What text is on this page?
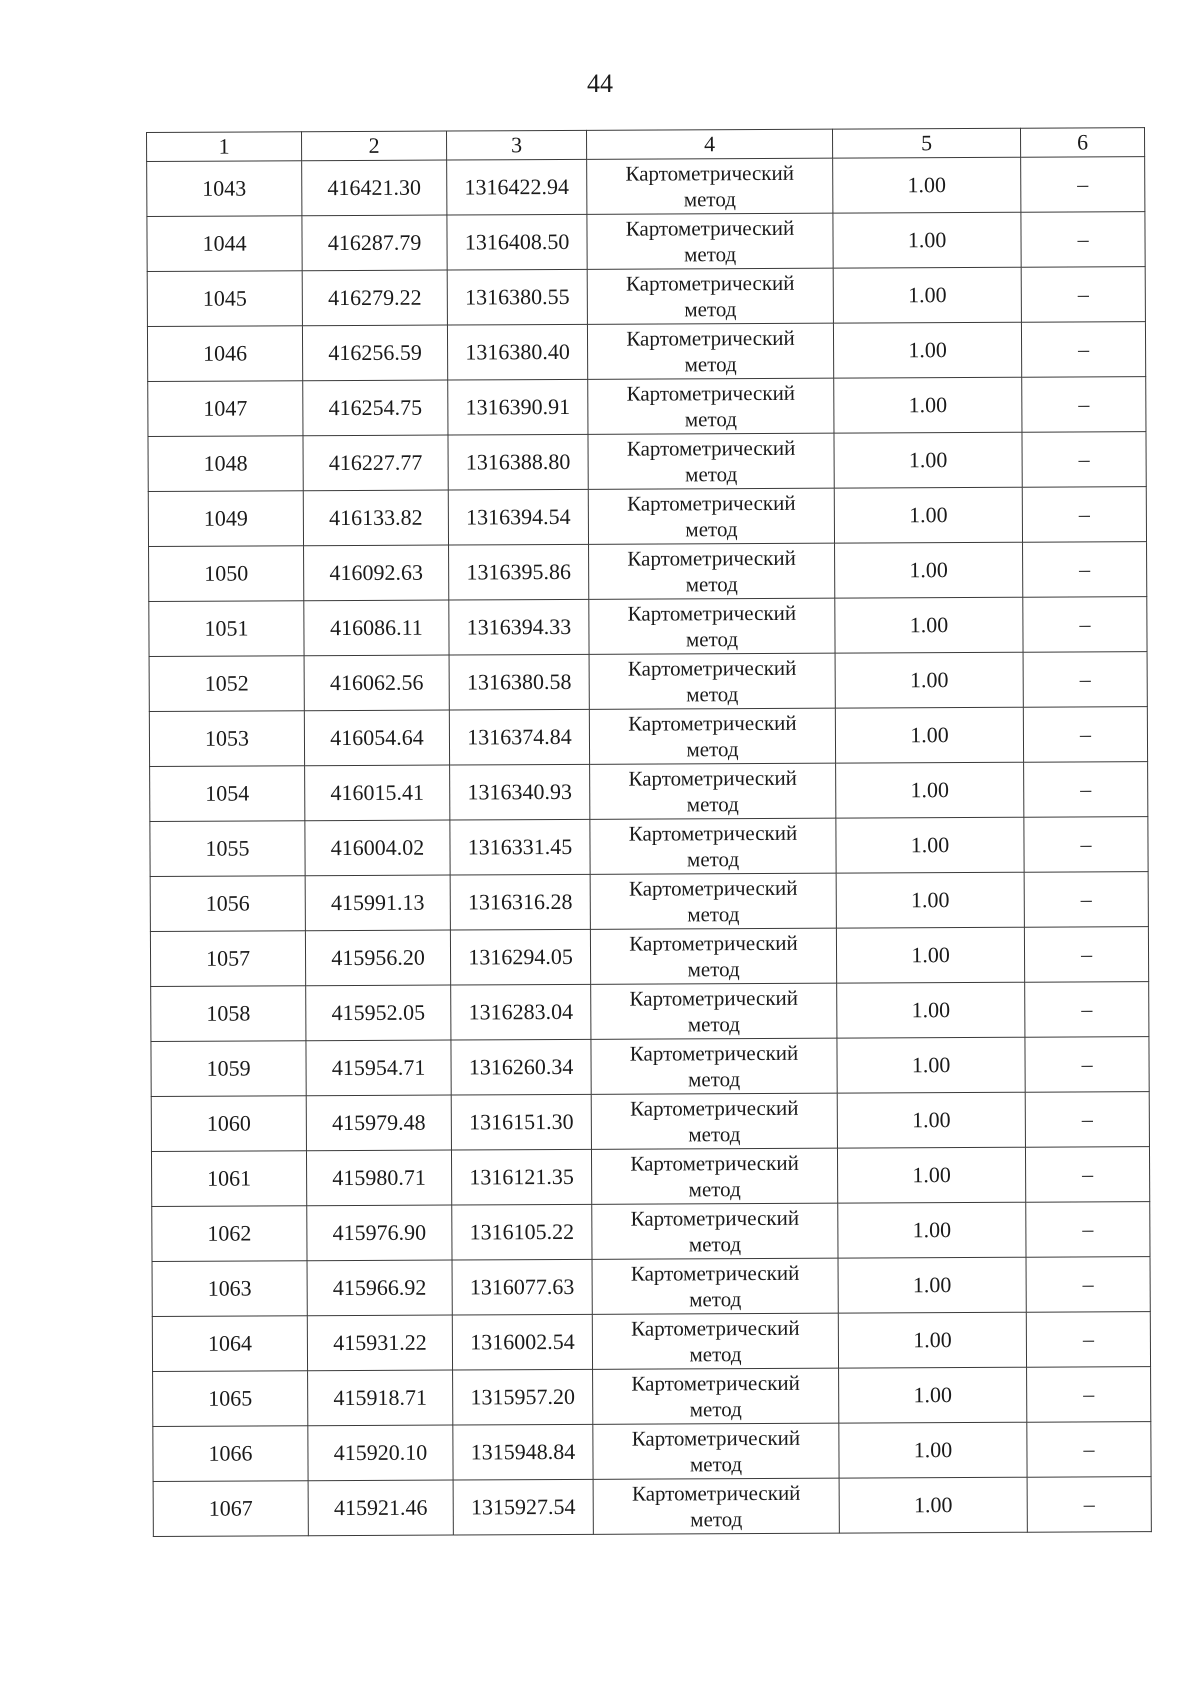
44
1	2	3	4	5	6
1043	416421.30	1316422.94	Картометрический
метод	1.00	–
1044	416287.79	1316408.50	Картометрический
метод	1.00	–
1045	416279.22	1316380.55	Картометрический
метод	1.00	–
1046	416256.59	1316380.40	Картометрический
метод	1.00	–
1047	416254.75	1316390.91	Картометрический
метод	1.00	–
1048	416227.77	1316388.80	Картометрический
метод	1.00	–
1049	416133.82	1316394.54	Картометрический
метод	1.00	–
1050	416092.63	1316395.86	Картометрический
метод	1.00	–
1051	416086.11	1316394.33	Картометрический
метод	1.00	–
1052	416062.56	1316380.58	Картометрический
метод	1.00	–
1053	416054.64	1316374.84	Картометрический
метод	1.00	–
1054	416015.41	1316340.93	Картометрический
метод	1.00	–
1055	416004.02	1316331.45	Картометрический
метод	1.00	–
1056	415991.13	1316316.28	Картометрический
метод	1.00	–
1057	415956.20	1316294.05	Картометрический
метод	1.00	–
1058	415952.05	1316283.04	Картометрический
метод	1.00	–
1059	415954.71	1316260.34	Картометрический
метод	1.00	–
1060	415979.48	1316151.30	Картометрический
метод	1.00	–
1061	415980.71	1316121.35	Картометрический
метод	1.00	–
1062	415976.90	1316105.22	Картометрический
метод	1.00	–
1063	415966.92	1316077.63	Картометрический
метод	1.00	–
1064	415931.22	1316002.54	Картометрический
метод	1.00	–
1065	415918.71	1315957.20	Картометрический
метод	1.00	–
1066	415920.10	1315948.84	Картометрический
метод	1.00	–
1067	415921.46	1315927.54	Картометрический
метод	1.00	–
